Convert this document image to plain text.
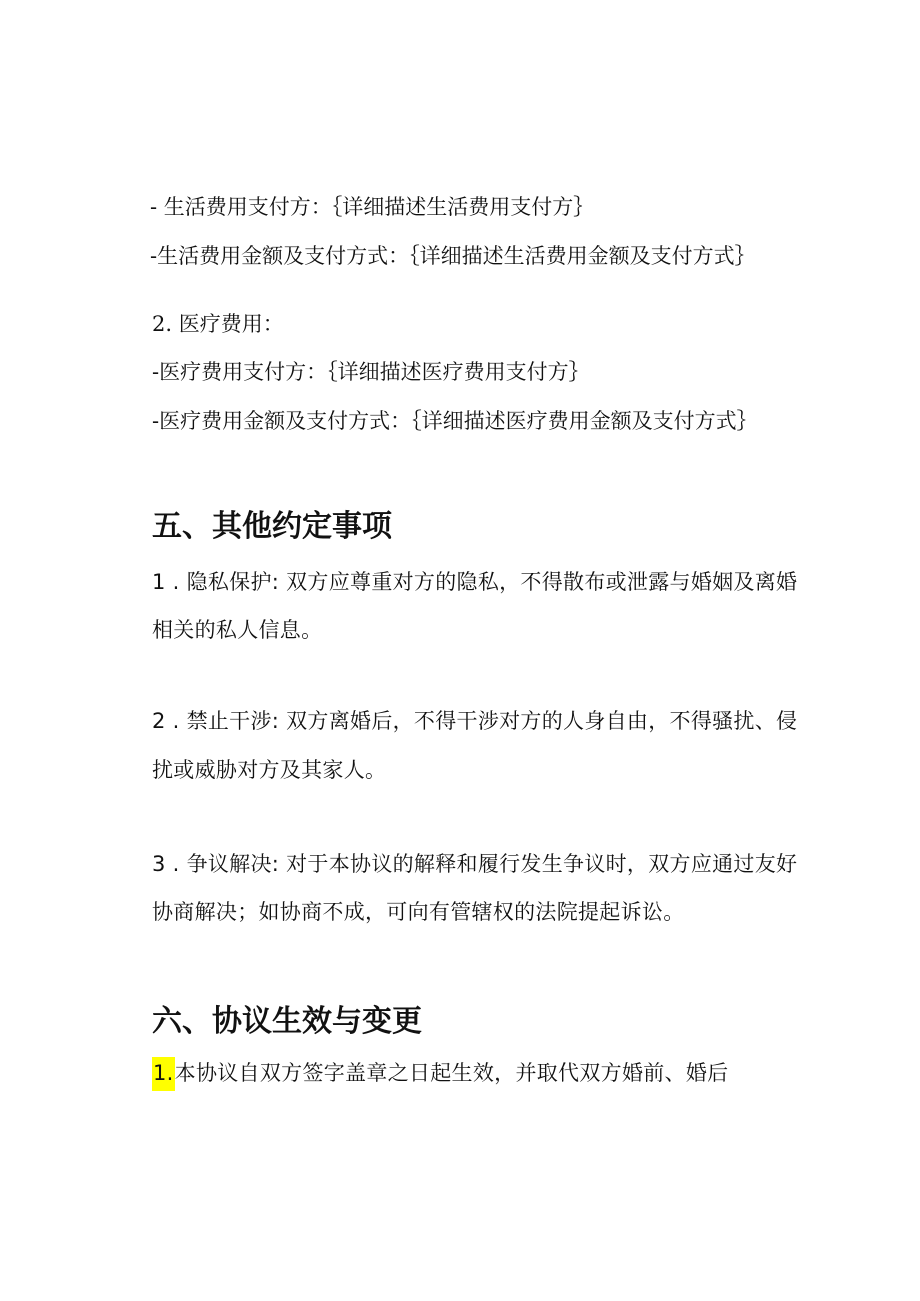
- 生活费用支付方：｛详细描述生活费用支付方｝
-生活费用金额及支付方式：｛详细描述生活费用金额及支付方式｝
2. 医疗费用：
-医疗费用支付方：｛详细描述医疗费用支付方｝
-医疗费用金额及支付方式：｛详细描述医疗费用金额及支付方式｝
五、其他约定事项
1 . 隐私保护: 双方应尊重对方的隐私，不得散布或泄露与婚姻及离婚
相关的私人信息。
2 . 禁止干涉: 双方离婚后，不得干涉对方的人身自由，不得骚扰、侵
扰或威胁对方及其家人。
3 . 争议解决: 对于本协议的解释和履行发生争议时，双方应通过友好
协商解决；如协商不成，可向有管辖权的法院提起诉讼。
六、协议生效与变更
1.本协议自双方签字盖章之日起生效，并取代双方婚前、婚后
